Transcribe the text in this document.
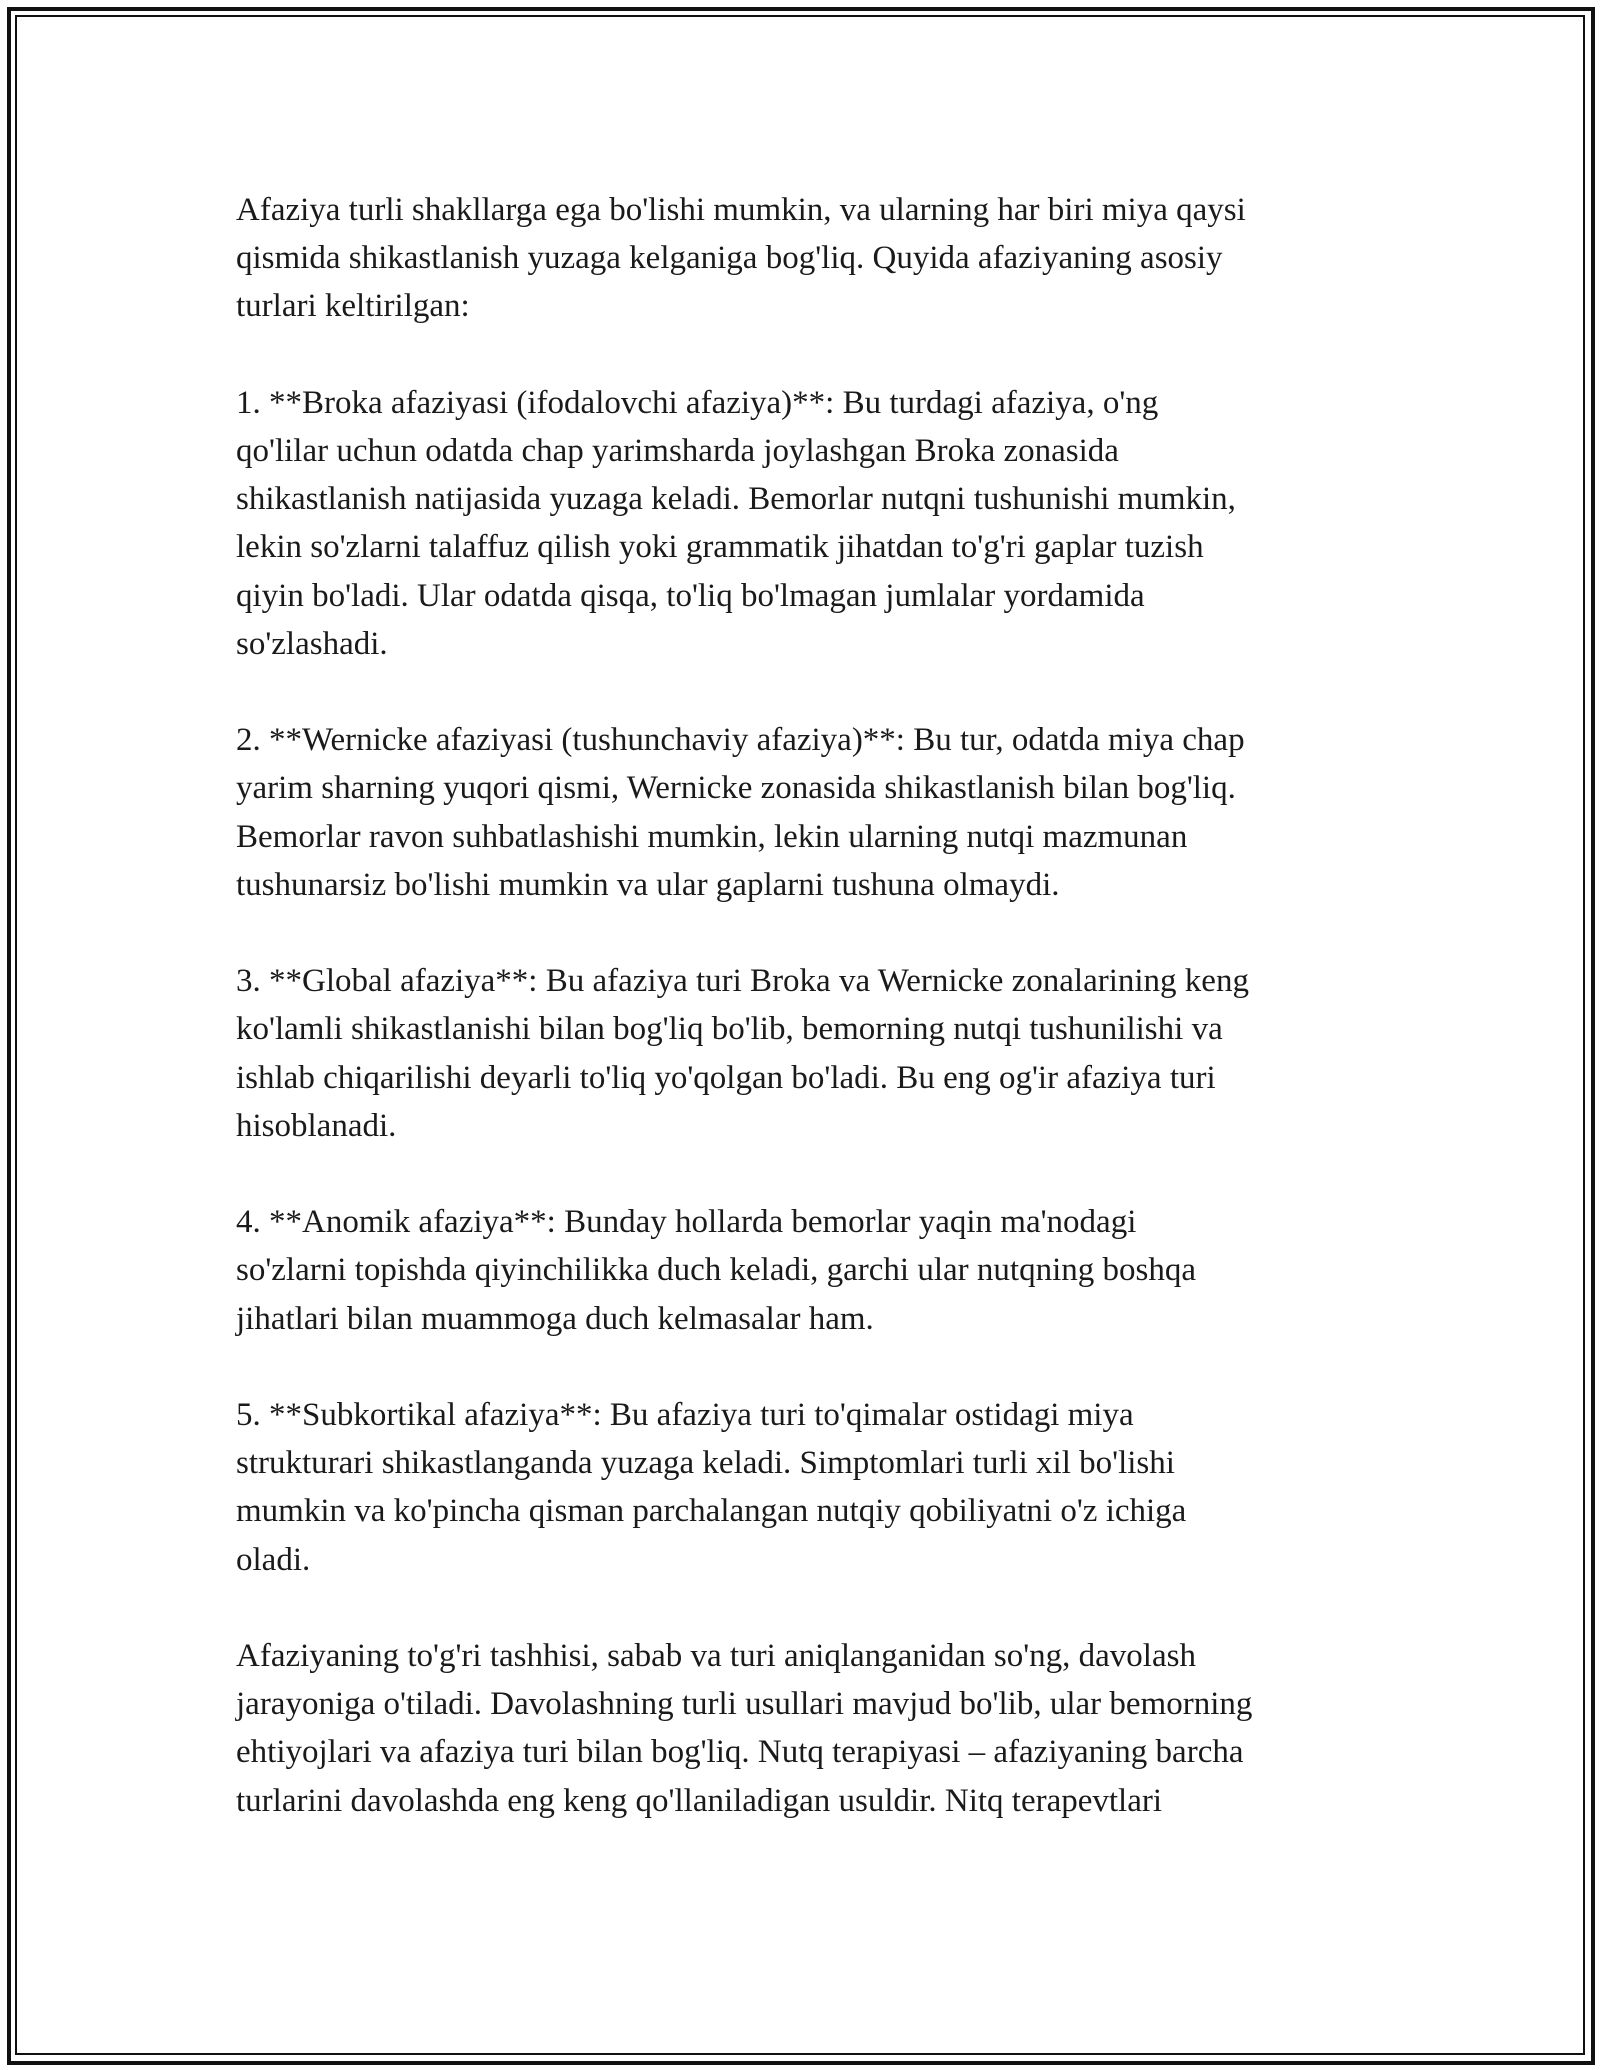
Afaziya turli shakllarga ega bo'lishi mumkin, va ularning har biri miya qaysi
qismida shikastlanish yuzaga kelganiga bog'liq. Quyida afaziyaning asosiy
turlari keltirilgan:

1. **Broka afaziyasi (ifodalovchi afaziya)**: Bu turdagi afaziya, o'ng
qo'lilar uchun odatda chap yarimsharda joylashgan Broka zonasida
shikastlanish natijasida yuzaga keladi. Bemorlar nutqni tushunishi mumkin,
lekin so'zlarni talaffuz qilish yoki grammatik jihatdan to'g'ri gaplar tuzish
qiyin bo'ladi. Ular odatda qisqa, to'liq bo'lmagan jumlalar yordamida
so'zlashadi.

2. **Wernicke afaziyasi (tushunchaviy afaziya)**: Bu tur, odatda miya chap
yarim sharning yuqori qismi, Wernicke zonasida shikastlanish bilan bog'liq.
Bemorlar ravon suhbatlashishi mumkin, lekin ularning nutqi mazmunan
tushunarsiz bo'lishi mumkin va ular gaplarni tushuna olmaydi.

3. **Global afaziya**: Bu afaziya turi Broka va Wernicke zonalarining keng
ko'lamli shikastlanishi bilan bog'liq bo'lib, bemorning nutqi tushunilishi va
ishlab chiqarilishi deyarli to'liq yo'qolgan bo'ladi. Bu eng og'ir afaziya turi
hisoblanadi.

4. **Anomik afaziya**: Bunday hollarda bemorlar yaqin ma'nodagi
so'zlarni topishda qiyinchilikka duch keladi, garchi ular nutqning boshqa
jihatlari bilan muammoga duch kelmasalar ham.

5. **Subkortikal afaziya**: Bu afaziya turi to'qimalar ostidagi miya
strukturari shikastlanganda yuzaga keladi. Simptomlari turli xil bo'lishi
mumkin va ko'pincha qisman parchalangan nutqiy qobiliyatni o'z ichiga
oladi.

Afaziyaning to'g'ri tashhisi, sabab va turi aniqlanganidan so'ng, davolash
jarayoniga o'tiladi. Davolashning turli usullari mavjud bo'lib, ular bemorning
ehtiyojlari va afaziya turi bilan bog'liq. Nutq terapiyasi – afaziyaning barcha
turlarini davolashda eng keng qo'llaniladigan usuldir. Nitq terapevtlari
